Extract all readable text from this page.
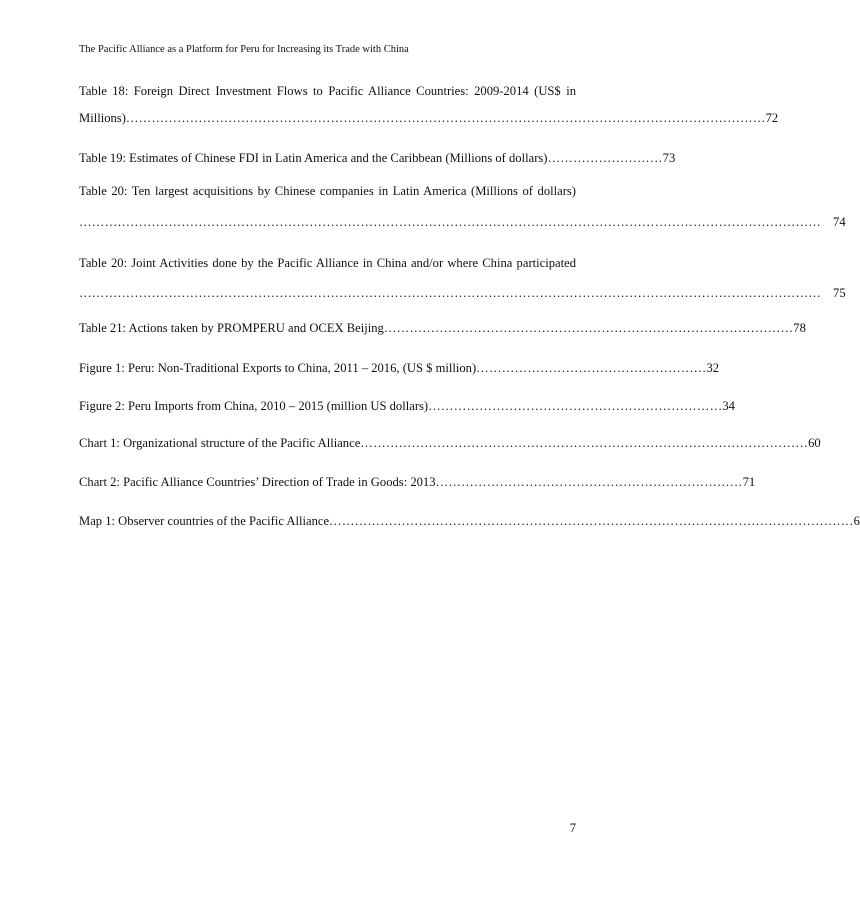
The Pacific Alliance as a Platform for Peru for Increasing its Trade with China
Table 18: Foreign Direct Investment Flows to Pacific Alliance Countries: 2009-2014 (US$ in
Millions) …………………………………………………………………………………………………………………………………… 72
Table 19: Estimates of Chinese FDI in Latin America and the Caribbean (Millions of dollars) ……………………… 73
Table 20: Ten largest acquisitions by Chinese companies in Latin America (Millions of dollars)
………………………………………………………………………………………………………………………………………………………… 74
Table 20: Joint Activities done by the Pacific Alliance in China and/or where China participated
………………………………………………………………………………………………………………………………………………………… 75
Table 21: Actions taken by PROMPERU and OCEX Beijing …………………………………………………………………………………… 78
Figure 1: Peru: Non-Traditional Exports to China, 2011 – 2016, (US $ million) ……………………………………………… 32
Figure 2: Peru Imports from China, 2010 – 2015 (million US dollars) …………………………………………………………… 34
Chart 1: Organizational structure of the Pacific Alliance …………………………………………………………………………………………… 60
Chart 2: Pacific Alliance Countries’ Direction of Trade in Goods: 2013 ……………………………………………………………… 71
Map 1: Observer countries of the Pacific Alliance …………………………………………………………………………………………………………… 6
7
